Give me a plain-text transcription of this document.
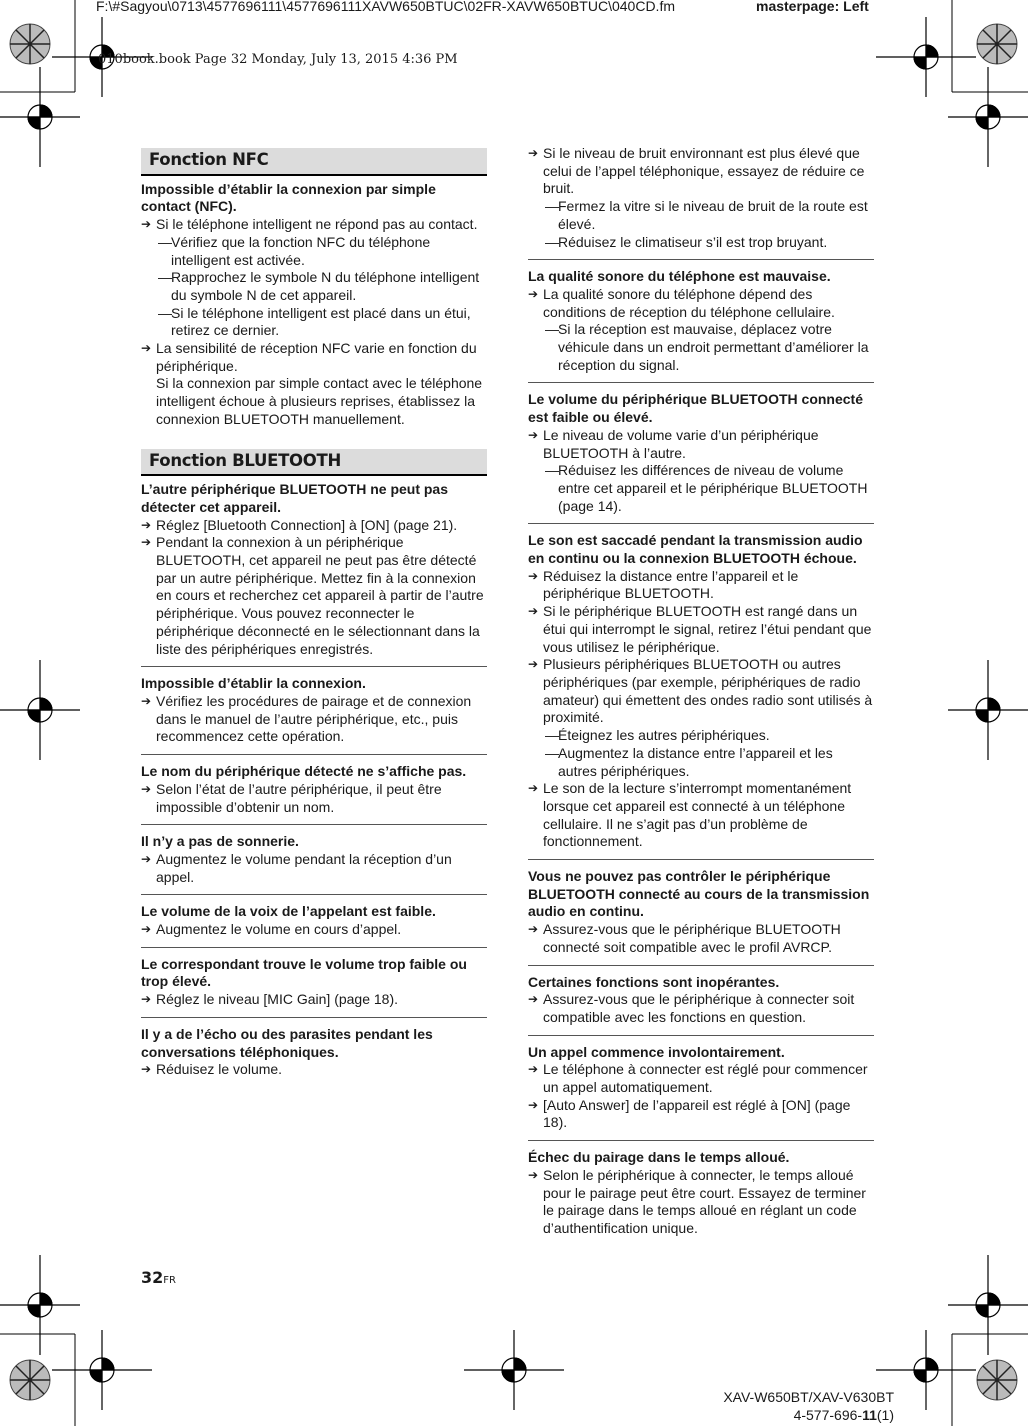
F:\#Sagyou\0713\4577696111\4577696111XAVW650BTUC\02FR-XAVW650BTUC\040CD.fm	masterpage: Left
010book.book Page 32 Monday, July 13, 2015 4:36 PM
Fonction NFC
Impossible d’établir la connexion par simple contact (NFC).
➔ Si le téléphone intelligent ne répond pas au contact.
— Vérifiez que la fonction NFC du téléphone intelligent est activée.
— Rapprochez le symbole N du téléphone intelligent du symbole N de cet appareil.
— Si le téléphone intelligent est placé dans un étui, retirez ce dernier.
➔ La sensibilité de réception NFC varie en fonction du périphérique.
Si la connexion par simple contact avec le téléphone intelligent échoue à plusieurs reprises, établissez la connexion BLUETOOTH manuellement.
Fonction BLUETOOTH
L’autre périphérique BLUETOOTH ne peut pas détecter cet appareil.
➔ Réglez [Bluetooth Connection] à [ON] (page 21).
➔ Pendant la connexion à un périphérique BLUETOOTH, cet appareil ne peut pas être détecté par un autre périphérique. Mettez fin à la connexion en cours et recherchez cet appareil à partir de l’autre périphérique. Vous pouvez reconnecter le périphérique déconnecté en le sélectionnant dans la liste des périphériques enregistrés.
Impossible d’établir la connexion.
➔ Vérifiez les procédures de pairage et de connexion dans le manuel de l’autre périphérique, etc., puis recommencez cette opération.
Le nom du périphérique détecté ne s’affiche pas.
➔ Selon l’état de l’autre périphérique, il peut être impossible d’obtenir un nom.
Il n’y a pas de sonnerie.
➔ Augmentez le volume pendant la réception d’un appel.
Le volume de la voix de l’appelant est faible.
➔ Augmentez le volume en cours d’appel.
Le correspondant trouve le volume trop faible ou trop élevé.
➔ Réglez le niveau [MIC Gain] (page 18).
Il y a de l’écho ou des parasites pendant les conversations téléphoniques.
➔ Réduisez le volume.
➔ Si le niveau de bruit environnant est plus élevé que celui de l’appel téléphonique, essayez de réduire ce bruit.
— Fermez la vitre si le niveau de bruit de la route est élevé.
— Réduisez le climatiseur s’il est trop bruyant.
La qualité sonore du téléphone est mauvaise.
➔ La qualité sonore du téléphone dépend des conditions de réception du téléphone cellulaire.
— Si la réception est mauvaise, déplacez votre véhicule dans un endroit permettant d’améliorer la réception du signal.
Le volume du périphérique BLUETOOTH connecté est faible ou élevé.
➔ Le niveau de volume varie d’un périphérique BLUETOOTH à l’autre.
— Réduisez les différences de niveau de volume entre cet appareil et le périphérique BLUETOOTH (page 14).
Le son est saccadé pendant la transmission audio en continu ou la connexion BLUETOOTH échoue.
➔ Réduisez la distance entre l’appareil et le périphérique BLUETOOTH.
➔ Si le périphérique BLUETOOTH est rangé dans un étui qui interrompt le signal, retirez l’étui pendant que vous utilisez le périphérique.
➔ Plusieurs périphériques BLUETOOTH ou autres périphériques (par exemple, périphériques de radio amateur) qui émettent des ondes radio sont utilisés à proximité.
— Éteignez les autres périphériques.
— Augmentez la distance entre l’appareil et les autres périphériques.
➔ Le son de la lecture s’interrompt momentanément lorsque cet appareil est connecté à un téléphone cellulaire. Il ne s’agit pas d’un problème de fonctionnement.
Vous ne pouvez pas contrôler le périphérique BLUETOOTH connecté au cours de la transmission audio en continu.
➔ Assurez-vous que le périphérique BLUETOOTH connecté soit compatible avec le profil AVRCP.
Certaines fonctions sont inopérantes.
➔ Assurez-vous que le périphérique à connecter soit compatible avec les fonctions en question.
Un appel commence involontairement.
➔ Le téléphone à connecter est réglé pour commencer un appel automatiquement.
➔ [Auto Answer] de l’appareil est réglé à [ON] (page 18).
Échec du pairage dans le temps alloué.
➔ Selon le périphérique à connecter, le temps alloué pour le pairage peut être court. Essayez de terminer le pairage dans le temps alloué en réglant un code d’authentification unique.
32FR
XAV-W650BT/XAV-V630BT
4-577-696-11(1)
